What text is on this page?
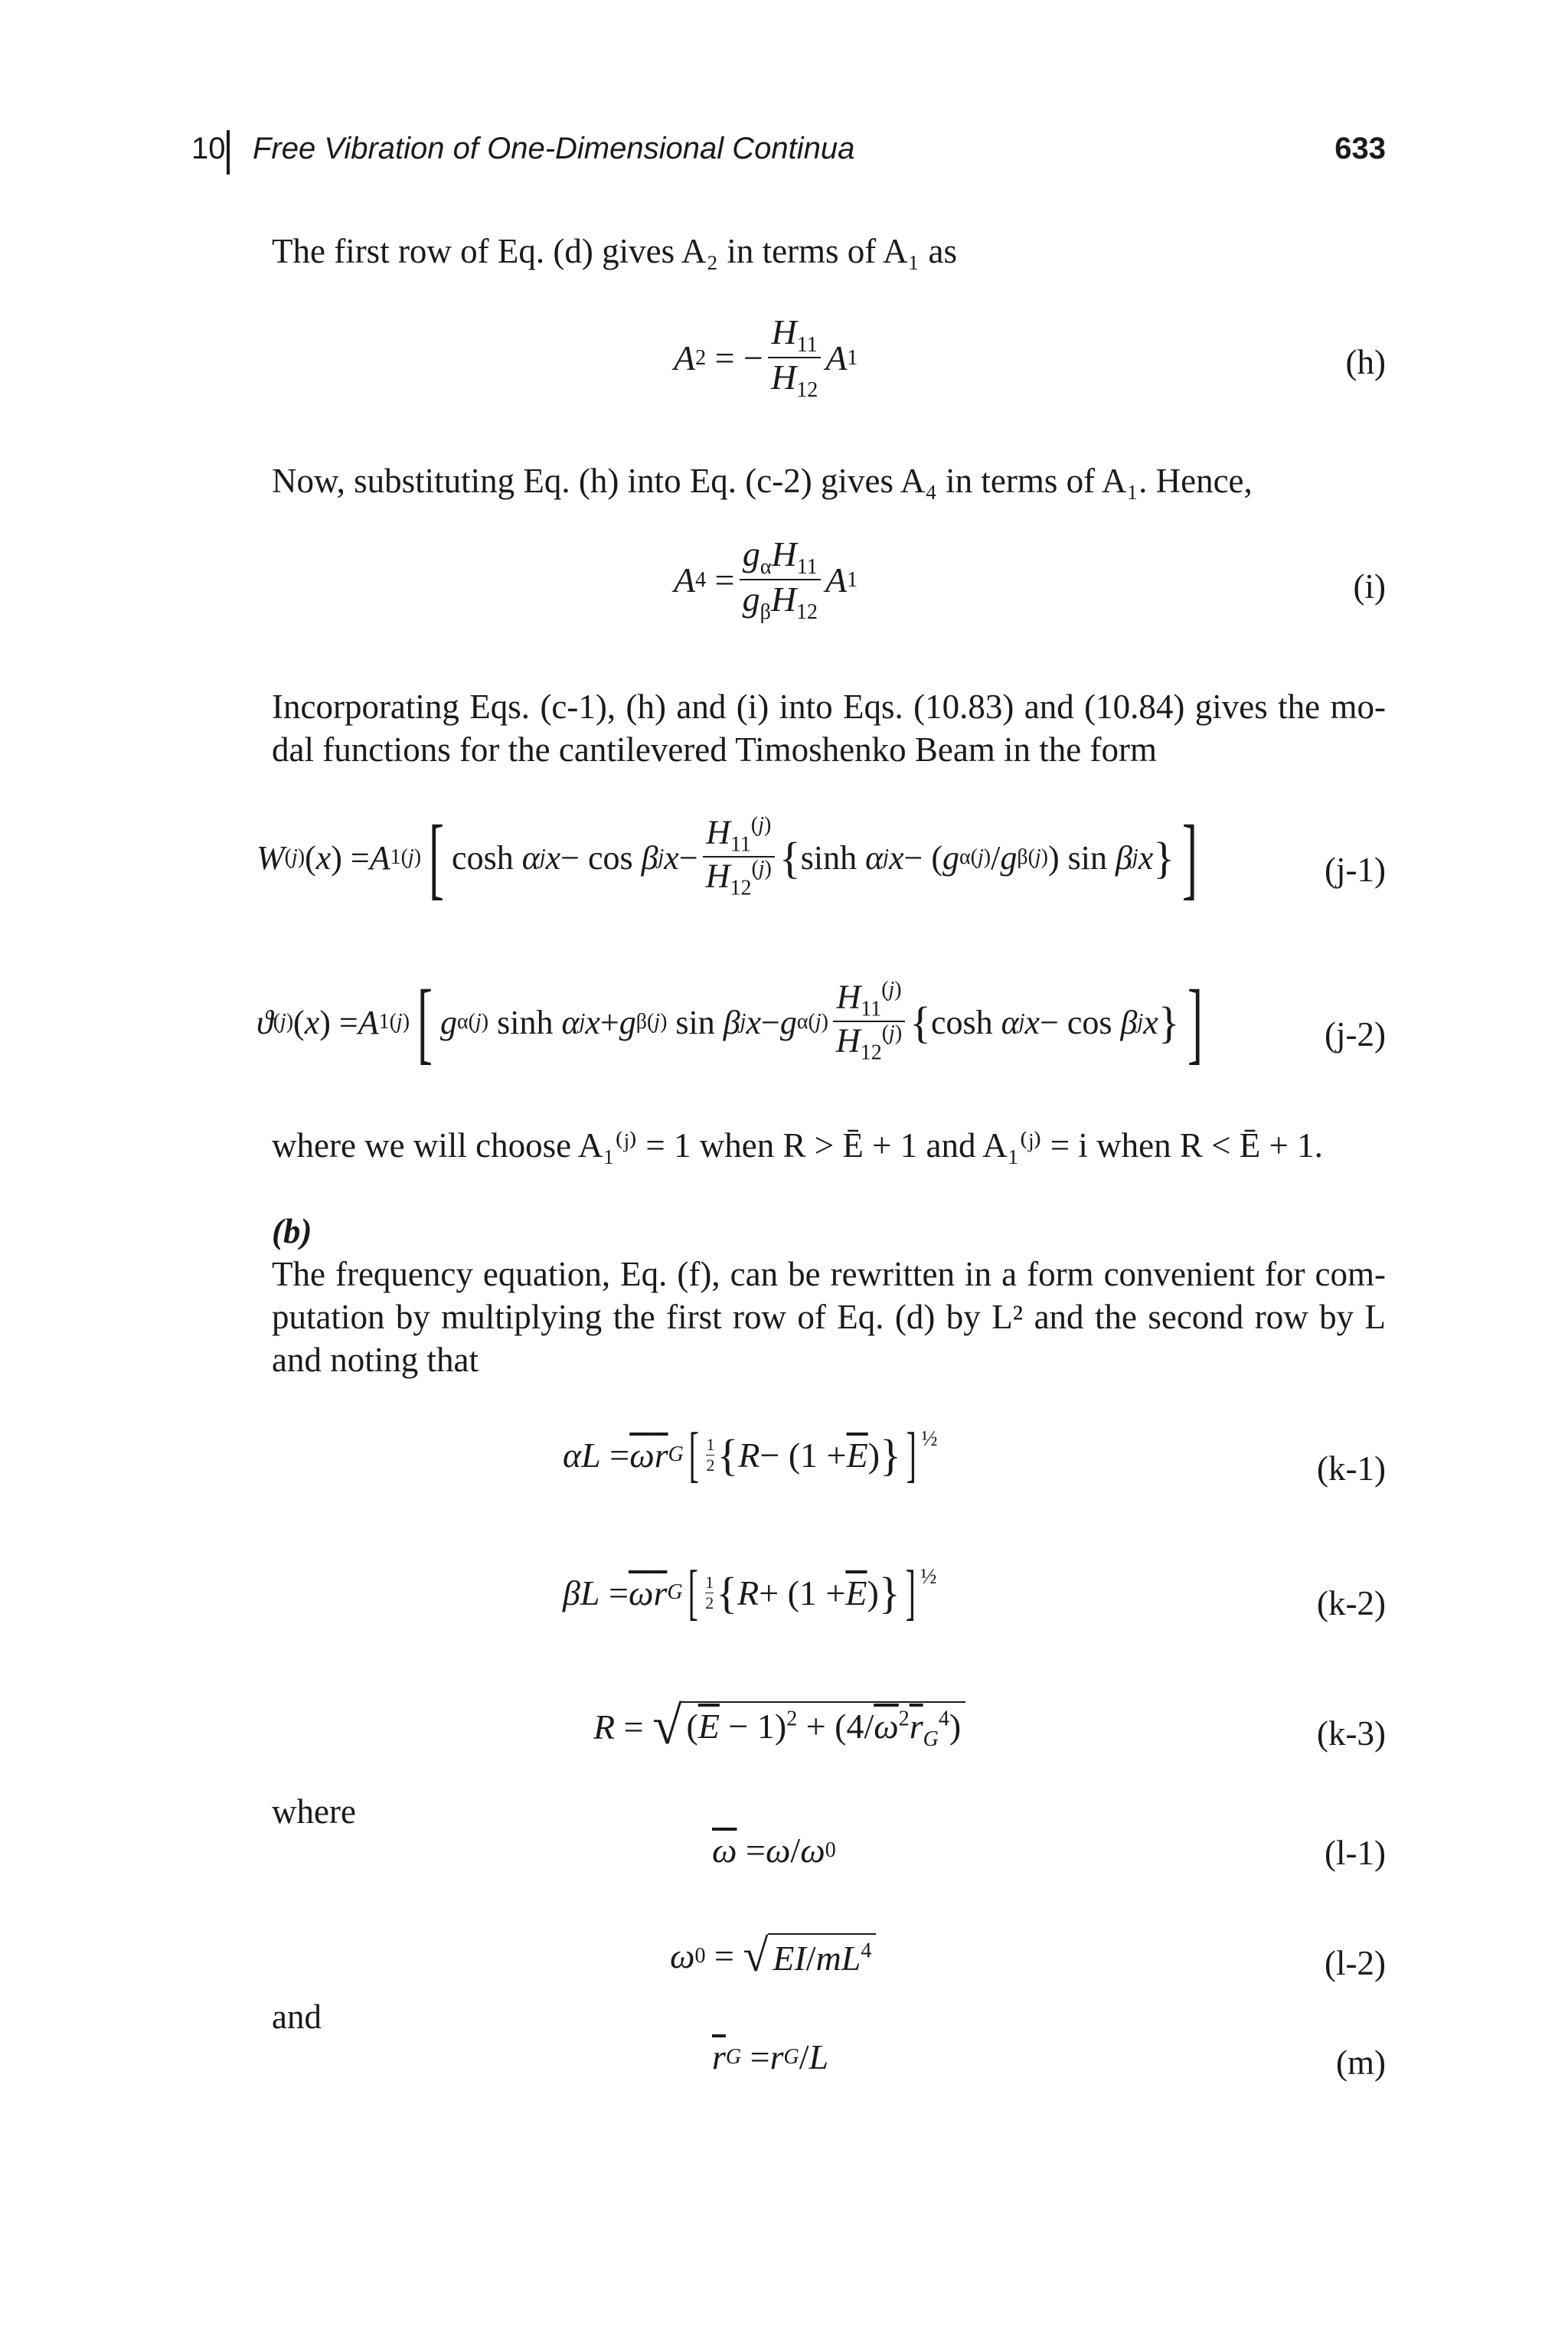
10 Free Vibration of One-Dimensional Continua	633
The first row of Eq. (d) gives A₂ in terms of A₁ as
A 2 = − $\frac{H_{11}}{H_{12}}$ A 1	(h)
Now, substituting Eq. (h) into Eq. (c-2) gives A₄ in terms of A₁. Hence,
A $4 = \frac{g_\alpha H_{11}}{g_\beta H_{12}}$ A 1	(i)
Incorporating Eqs. (c-1), (h) and (i) into Eqs. (10.83) and (10.84) gives the mo-
dal functions for the cantilevered Timoshenko Beam in the form
W (j) ( x ) = A 1 (j) [ cosh α j x − cos β j $x - \frac{H_{11}^{(j)}}{H_{12}^{(j)}}$ { sinh α j x − ( g α (j) / g β (j) ) sin β j x } ]	(j-1)
ϑ (j) ( x ) = A 1 (j) [ g α (j) sinh α j x + g β (j) sin β j x − g α $(j) \frac{H_{11}^{(j)}}{H_{12}^{(j)}}$ { cosh α j x − cos β j x } ]	(j-2)
where we will choose A₁⁽ʲ⁾ = 1 when R > Ē + 1 and A₁⁽ʲ⁾ = i when R < Ē + 1.
(b)
The frequency equation, Eq. (f), can be rewritten in a form convenient for com-
putation by multiplying the first row of Eq. (d) by L² and the second row by L
and noting that
α $L = \overline{\omega}$ $\overline{r}$ G [ 1
2 { $R - (1 + \overline{E}$ ) } ]$^{\frac{1}{2}}$
(k-1)
β $L = \overline{\omega}$ $\overline{r}$ G [ 1
2 { $R + (1 + \overline{E}$ ) } ]$^{\frac{1}{2}}$
(k-2)
R = √ $(\overline{E} - 1)^2 + (4/\overline{\omega}^2\overline{r}_G^4)$	(k-3)
where
$\overline{\omega} = \omega / \omega$ 0	(l-1)
ω 0 = √ $EI/mL^4$	(l-2)
and
$\overline{r}$ G = r G / L	(m)
